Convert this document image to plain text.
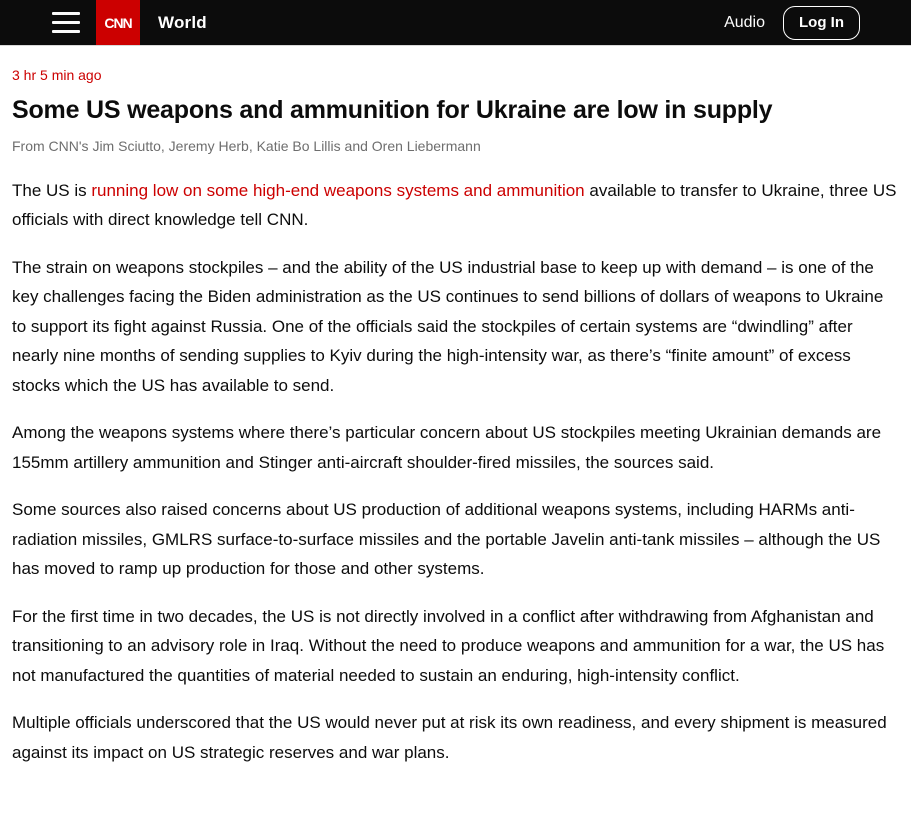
CNN World	Audio	Log In
3 hr 5 min ago
Some US weapons and ammunition for Ukraine are low in supply
From CNN's Jim Sciutto, Jeremy Herb, Katie Bo Lillis and Oren Liebermann

The US is running low on some high-end weapons systems and ammunition available to transfer to Ukraine, three US officials with direct knowledge tell CNN.

The strain on weapons stockpiles – and the ability of the US industrial base to keep up with demand – is one of the key challenges facing the Biden administration as the US continues to send billions of dollars of weapons to Ukraine to support its fight against Russia. One of the officials said the stockpiles of certain systems are “dwindling” after nearly nine months of sending supplies to Kyiv during the high-intensity war, as there’s “finite amount” of excess stocks which the US has available to send.

Among the weapons systems where there’s particular concern about US stockpiles meeting Ukrainian demands are 155mm artillery ammunition and Stinger anti-aircraft shoulder-fired missiles, the sources said.

Some sources also raised concerns about US production of additional weapons systems, including HARMs anti-radiation missiles, GMLRS surface-to-surface missiles and the portable Javelin anti-tank missiles – although the US has moved to ramp up production for those and other systems.

For the first time in two decades, the US is not directly involved in a conflict after withdrawing from Afghanistan and transitioning to an advisory role in Iraq. Without the need to produce weapons and ammunition for a war, the US has not manufactured the quantities of material needed to sustain an enduring, high-intensity conflict.

Multiple officials underscored that the US would never put at risk its own readiness, and every shipment is measured against its impact on US strategic reserves and war plans.
